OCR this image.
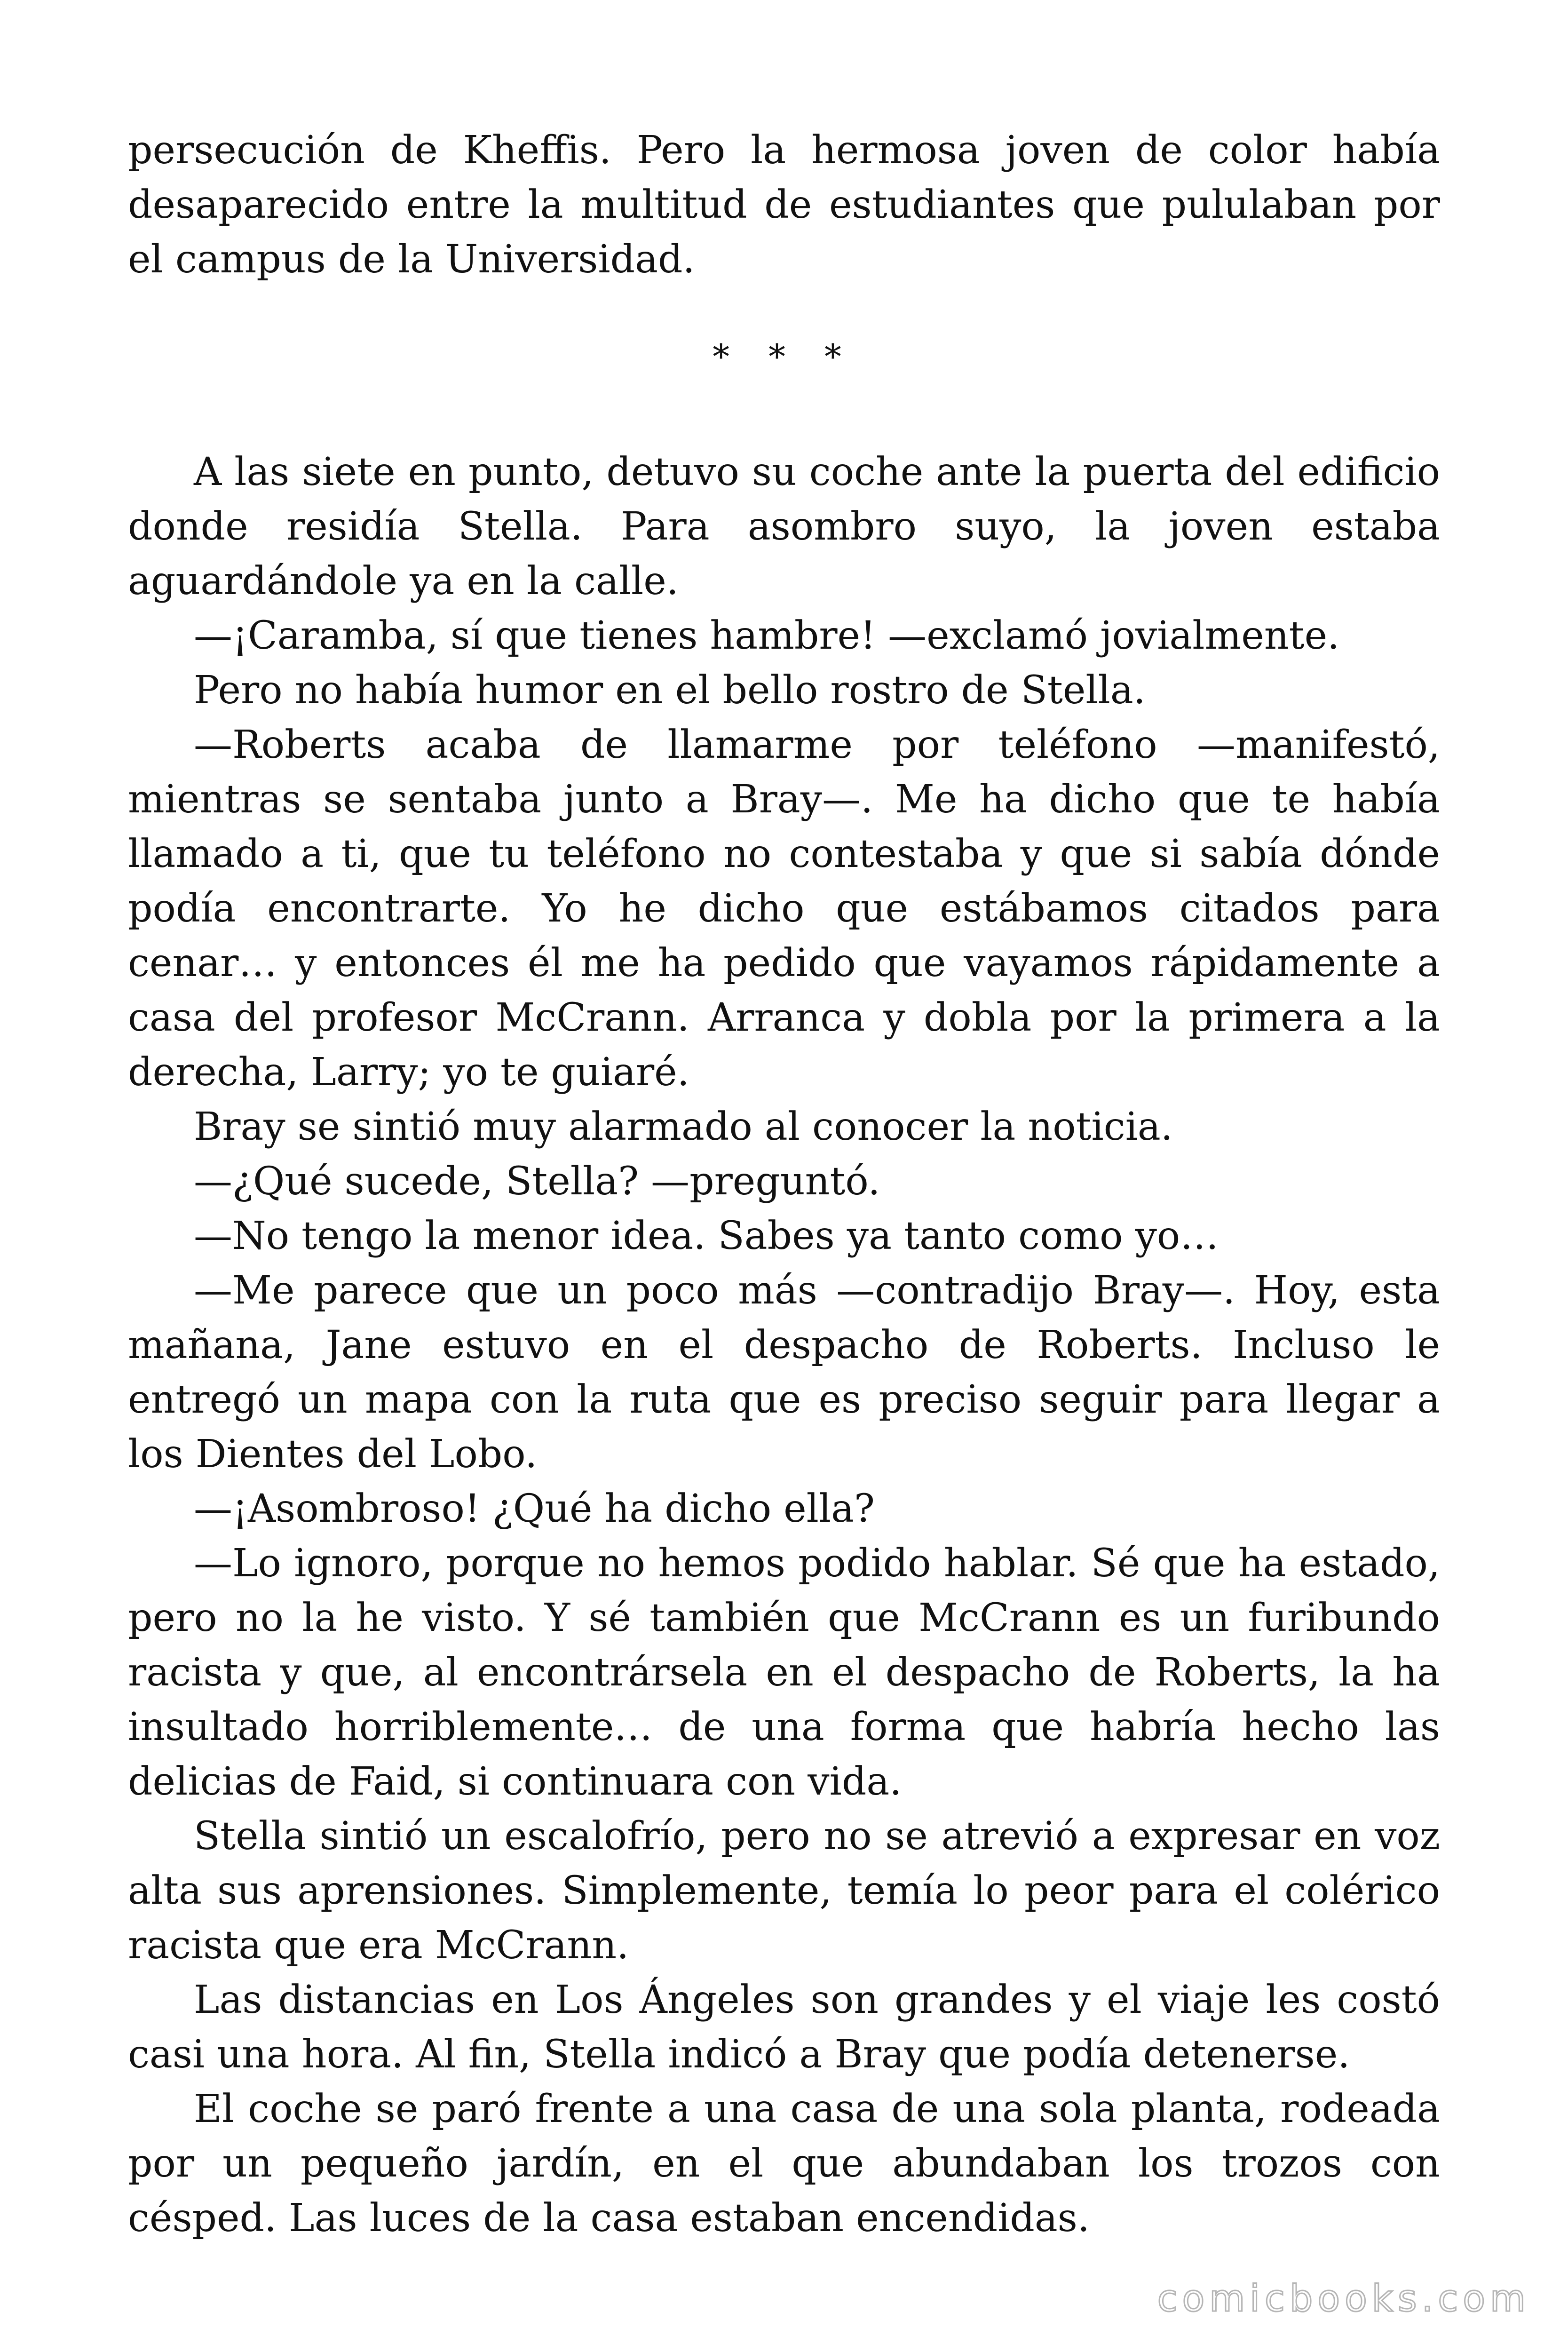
persecución de Kheffis. Pero la hermosa joven de color había desaparecido entre la multitud de estudiantes que pululaban por el campus de la Universidad.

* * *

A las siete en punto, detuvo su coche ante la puerta del edificio donde residía Stella. Para asombro suyo, la joven estaba aguardándole ya en la calle.

—¡Caramba, sí que tienes hambre! —exclamó jovialmente.

Pero no había humor en el bello rostro de Stella.

—Roberts acaba de llamarme por teléfono —manifestó, mientras se sentaba junto a Bray—. Me ha dicho que te había llamado a ti, que tu teléfono no contestaba y que si sabía dónde podía encontrarte. Yo he dicho que estábamos citados para cenar… y entonces él me ha pedido que vayamos rápidamente a casa del profesor McCrann. Arranca y dobla por la primera a la derecha, Larry; yo te guiaré.

Bray se sintió muy alarmado al conocer la noticia.

—¿Qué sucede, Stella? —preguntó.

—No tengo la menor idea. Sabes ya tanto como yo…

—Me parece que un poco más —contradijo Bray—. Hoy, esta mañana, Jane estuvo en el despacho de Roberts. Incluso le entregó un mapa con la ruta que es preciso seguir para llegar a los Dientes del Lobo.

—¡Asombroso! ¿Qué ha dicho ella?

—Lo ignoro, porque no hemos podido hablar. Sé que ha estado, pero no la he visto. Y sé también que McCrann es un furibundo racista y que, al encontrársela en el despacho de Roberts, la ha insultado horriblemente… de una forma que habría hecho las delicias de Faid, si continuara con vida.

Stella sintió un escalofrío, pero no se atrevió a expresar en voz alta sus aprensiones. Simplemente, temía lo peor para el colérico racista que era McCrann.

Las distancias en Los Ángeles son grandes y el viaje les costó casi una hora. Al fin, Stella indicó a Bray que podía detenerse.

El coche se paró frente a una casa de una sola planta, rodeada por un pequeño jardín, en el que abundaban los trozos con césped. Las luces de la casa estaban encendidas.

comicbooks.com
